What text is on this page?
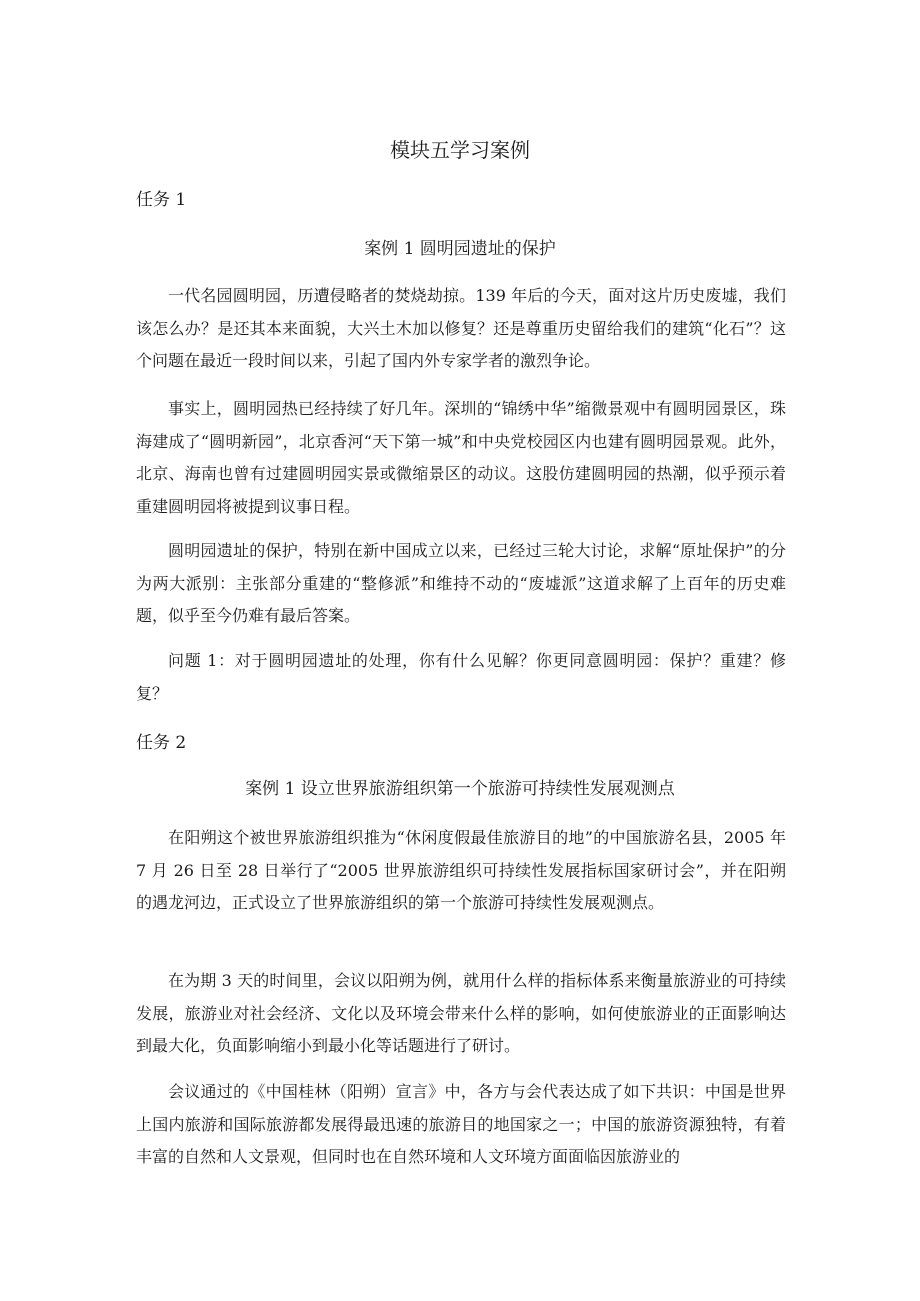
模块五学习案例
任务 1
案例 1 圆明园遗址的保护

一代名园圆明园，历遭侵略者的焚烧劫掠。139 年后的今天，面对这片历史废墟，我们该怎么办？是还其本来面貌，大兴土木加以修复？还是尊重历史留给我们的建筑“化石”？这个问题在最近一段时间以来，引起了国内外专家学者的激烈争论。

事实上，圆明园热已经持续了好几年。深圳的“锦绣中华”缩微景观中有圆明园景区，珠海建成了“圆明新园”，北京香河“天下第一城”和中央党校园区内也建有圆明园景观。此外，北京、海南也曾有过建圆明园实景或微缩景区的动议。这股仿建圆明园的热潮，似乎预示着重建圆明园将被提到议事日程。

圆明园遗址的保护，特别在新中国成立以来，已经过三轮大讨论，求解“原址保护”的分为两大派别：主张部分重建的“整修派”和维持不动的“废墟派”这道求解了上百年的历史难题，似乎至今仍难有最后答案。

问题 1：对于圆明园遗址的处理，你有什么见解？你更同意圆明园：保护？重建？修复？

任务 2
案例 1 设立世界旅游组织第一个旅游可持续性发展观测点

在阳朔这个被世界旅游组织推为“休闲度假最佳旅游目的地”的中国旅游名县，2005 年 7 月 26 日至 28 日举行了“2005 世界旅游组织可持续性发展指标国家研讨会”，并在阳朔的遇龙河边，正式设立了世界旅游组织的第一个旅游可持续性发展观测点。

在为期 3 天的时间里，会议以阳朔为例，就用什么样的指标体系来衡量旅游业的可持续发展，旅游业对社会经济、文化以及环境会带来什么样的影响，如何使旅游业的正面影响达到最大化，负面影响缩小到最小化等话题进行了研讨。

会议通过的《中国桂林（阳朔）宣言》中，各方与会代表达成了如下共识：中国是世界上国内旅游和国际旅游都发展得最迅速的旅游目的地国家之一；中国的旅游资源独特，有着丰富的自然和人文景观，但同时也在自然环境和人文环境方面面临因旅游业的
